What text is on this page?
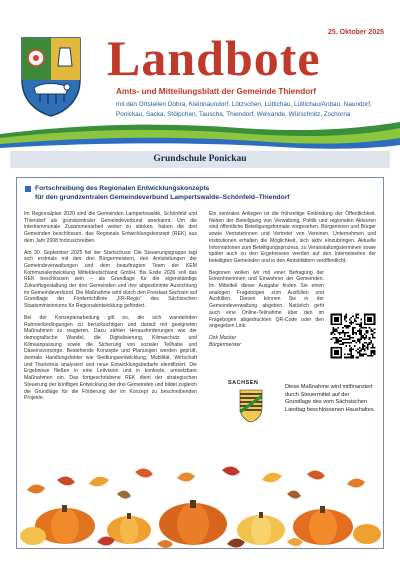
25. Oktober 2025
Landbote
Amts- und Mitteilungsblatt der Gemeinde Thiendorf
mit den Ortsteilen Dobra, Kleinnaundorf, Lötzschen, Lüttichau, Lüttichau/Anbau, Naundorf, Ponickau, Sacka, Stölpchen, Tauscha, Thiendorf, Welxande, Würschnitz, Zschorna
Grundschule Ponickau
Fortschreibung des Regionalen Entwicklungskonzepts
für den grundzentralen Gemeindeverbund Lampertswalde–Schönfeld–Thiendorf

Im Regionalplan 2020 sind die Gemeinden Lampertswalde, Schönfeld und Thiendorf als grundzentraler Gemeindeverbund anerkannt. Um die interkommunale Zusammenarbeit weiter zu stärken, haben die drei Gemeinden beschlossen, das Regionale Entwicklungskonzept (REK) aus dem Jahr 2008 fortzuschreiben.

Am 30. September 2025 fiel der Startschuss: Die Steuerungsgruppe tagt sich erstmals mit den drei Bürgermeistern, den Amtsleitungen der Gemeindeverwaltungen und dem beauftragten Team der KEM Kommunalentwicklung Mitteldeutschland GmbH. Bis Ende 2026 soll das REK beschlossen sein – als Grundlage für die eigenständige Zukunftsgestaltung der drei Gemeinden und ihre abgestimmte Ausrichtung im Gemeindeverbund. Die Maßnahme wird durch den Freistaat Sachsen auf Grundlage der Förderrichtlinie „FR-Regio“ des Sächsischen Staatsministeriums für Regionalentwicklung gefördert.

Bei der Konzepterarbeitung gilt es, die sich wandelnden Rahmenbedingungen zu berücksichtigen und darauf mit geeigneten Maßnahmen zu reagieren. Dazu zählen Herausforderungen wie der demografische Wandel, die Digitalisierung, Klimaschutz und Klimaanpassung sowie die Sicherung von sozialer Teilhabe und Daseinsvorsorge. Bestehende Konzepte und Planungen werden geprüft, zentrale Handlungsfelder wie Siedlungsentwicklung, Mobilität, Wirtschaft und Tourismus analysiert und neue Entwicklungsbedarfe identifiziert. Die Ergebnisse fließen in eine Leitvision und in konkrete, umsetzbare Maßnahmen ein. Das fortgeschriebene REK dient der strategischen Steuerung der künftigen Entwicklung der drei Gemeinden und bildet zugleich die Grundlage für die Förderung der im Konzept zu beschreibenden Projekte.

Ein zentrales Anliegen ist die frühzeitige Einbindung der Öffentlichkeit. Neben der Beteiligung von Verwaltung, Politik und regionalen Akteuren sind öffentliche Beteiligungsformate vorgesehen. Bürgerinnen und Bürger sowie Vertreterinnen und Vertreter von Vereinen, Unternehmen und Institutionen erhalten die Möglichkeit, sich aktiv einzubringen. Aktuelle Informationen zum Beteiligungsprozess, zu Veranstaltungsterminen sowie später auch zu den Ergebnissen werden auf den Internetseiten der beteiligten Gemeinden und in den Amtsblättern veröffentlicht.

Beginnen wollen wir mit einer Befragung der Einwohnerinnen und Einwohner der Gemeinden. Im Mittelteil dieser Ausgabe finden Sie einen analogen Fragebogen zum Ausfüllen und Ausfüllen. Diesen können Sie in der Gemeindeverwaltung abgeben. Natürlich geht auch eine Online-Teilnahme über den im Fragebogen abgedruckten QR-Code oder den angegeben Link.

Dirk Mocker

Bürgermeister

SACHSEN
Diese Maßnahme wird mitfinanziert durch Steuermittel auf der Grundlage des vom Sächsischen Landtag beschlossenen Haushaltes.
